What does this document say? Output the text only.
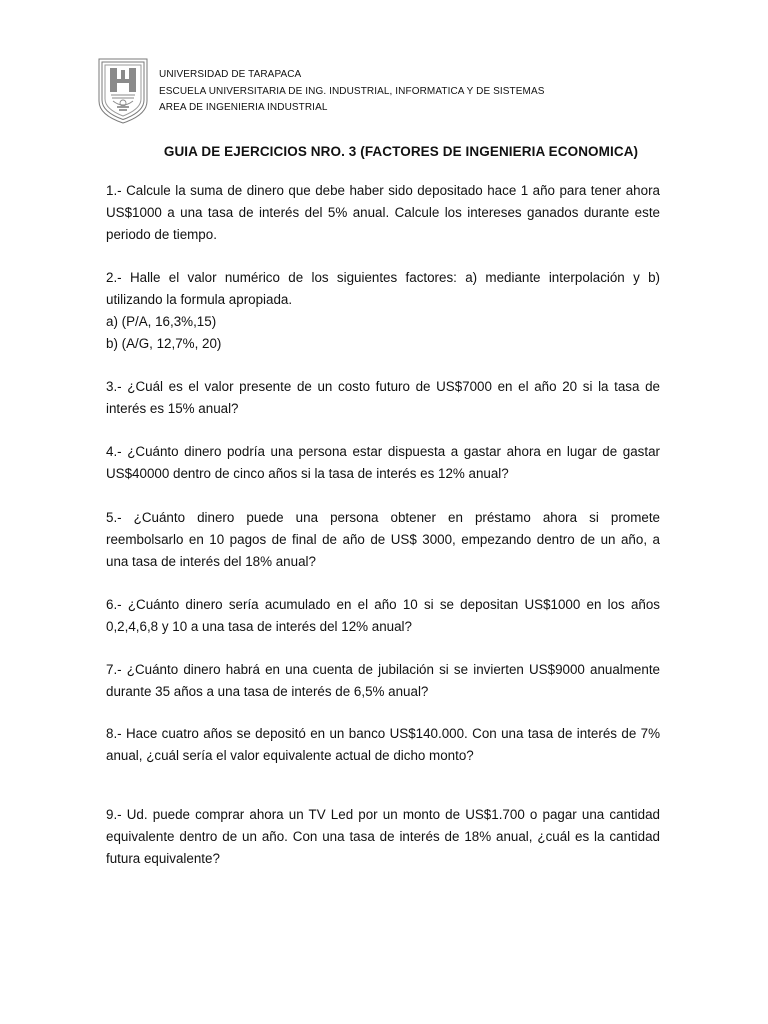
UNIVERSIDAD DE TARAPACA
ESCUELA UNIVERSITARIA DE ING. INDUSTRIAL, INFORMATICA Y DE SISTEMAS
AREA DE INGENIERIA INDUSTRIAL
GUIA DE EJERCICIOS NRO. 3 (FACTORES DE INGENIERIA ECONOMICA)
1.- Calcule la suma de dinero que debe haber sido depositado hace 1 año para tener ahora
US$1000 a una tasa de interés del 5% anual. Calcule los intereses ganados durante este
periodo de tiempo.
2.- Halle el valor numérico de los siguientes factores: a) mediante interpolación y b)
utilizando la formula apropiada.
a) (P/A, 16,3%,15)
b) (A/G, 12,7%, 20)
3.- ¿Cuál es el valor presente de un costo futuro de US$7000 en el año 20 si la tasa de
interés es 15% anual?
4.- ¿Cuánto dinero podría una persona estar dispuesta a gastar ahora en lugar de gastar
US$40000 dentro de cinco años si la tasa de interés es 12% anual?
5.- ¿Cuánto dinero puede una persona obtener en préstamo ahora si promete
reembolsarlo en 10 pagos de final de año de US$ 3000, empezando dentro de un año, a
una tasa de interés del 18% anual?
6.- ¿Cuánto dinero sería acumulado en el año 10 si se depositan US$1000 en los años
0,2,4,6,8 y 10 a una tasa de interés del 12% anual?
7.- ¿Cuánto dinero habrá en una cuenta de jubilación si se invierten US$9000 anualmente
durante 35 años a una tasa de interés de 6,5% anual?
8.- Hace cuatro años se depositó en un banco US$140.000. Con una tasa de interés de 7%
anual, ¿cuál sería el valor equivalente actual de dicho monto?
9.- Ud. puede comprar ahora un TV Led por un monto de US$1.700 o pagar una cantidad
equivalente dentro de un año. Con una tasa de interés de 18% anual, ¿cuál es la cantidad
futura equivalente?
